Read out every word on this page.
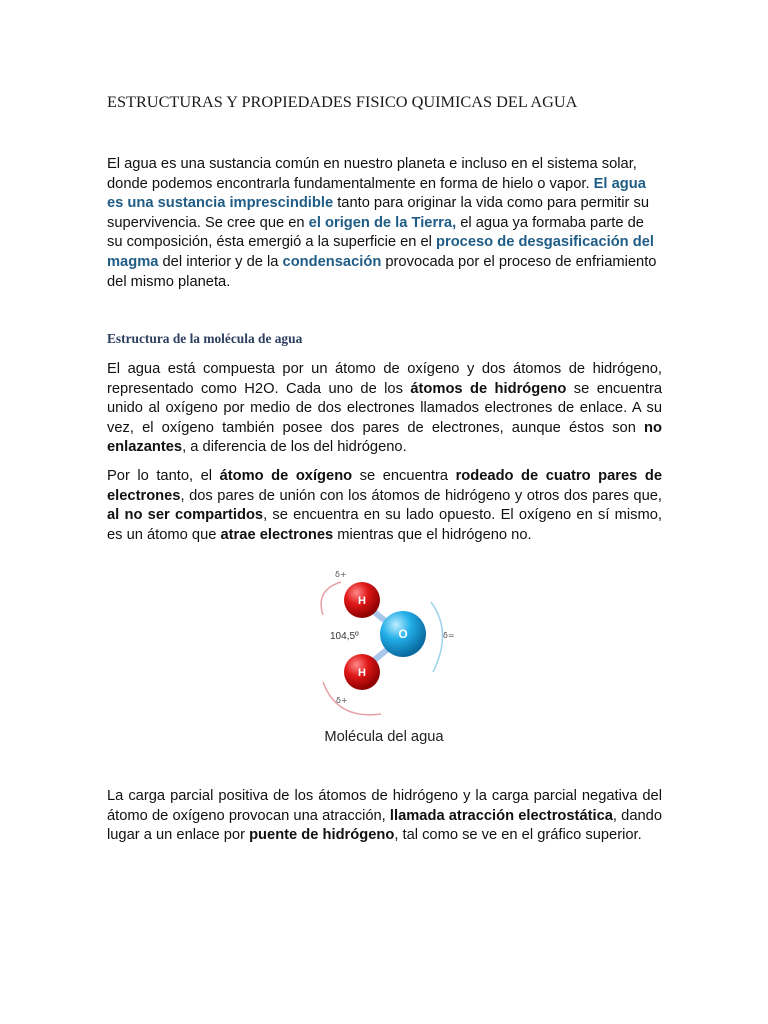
ESTRUCTURAS Y PROPIEDADES FISICO QUIMICAS DEL AGUA

El agua es una sustancia común en nuestro planeta e incluso en el sistema solar, donde podemos encontrarla fundamentalmente en forma de hielo o vapor. El agua es una sustancia imprescindible tanto para originar la vida como para permitir su supervivencia. Se cree que en el origen de la Tierra, el agua ya formaba parte de su composición, ésta emergió a la superficie en el proceso de desgasificación del magma del interior y de la condensación provocada por el proceso de enfriamiento del mismo planeta.

Estructura de la molécula de agua

El agua está compuesta por un átomo de oxígeno y dos átomos de hidrógeno, representado como H2O. Cada uno de los átomos de hidrógeno se encuentra unido al oxígeno por medio de dos electrones llamados electrones de enlace. A su vez, el oxígeno también posee dos pares de electrones, aunque éstos son no enlazantes, a diferencia de los del hidrógeno.

Por lo tanto, el átomo de oxígeno se encuentra rodeado de cuatro pares de electrones, dos pares de unión con los átomos de hidrógeno y otros dos pares que, al no ser compartidos, se encuentra en su lado opuesto. El oxígeno en sí mismo, es un átomo que atrae electrones mientras que el hidrógeno no.

La carga parcial positiva de los átomos de hidrógeno y la carga parcial negativa del átomo de oxígeno provocan una atracción, llamada atracción electrostática, dando lugar a un enlace por puente de hidrógeno, tal como se ve en el gráfico superior.

H
O
H
104,5º
δ+
δ+
δ=

Molécula del agua
